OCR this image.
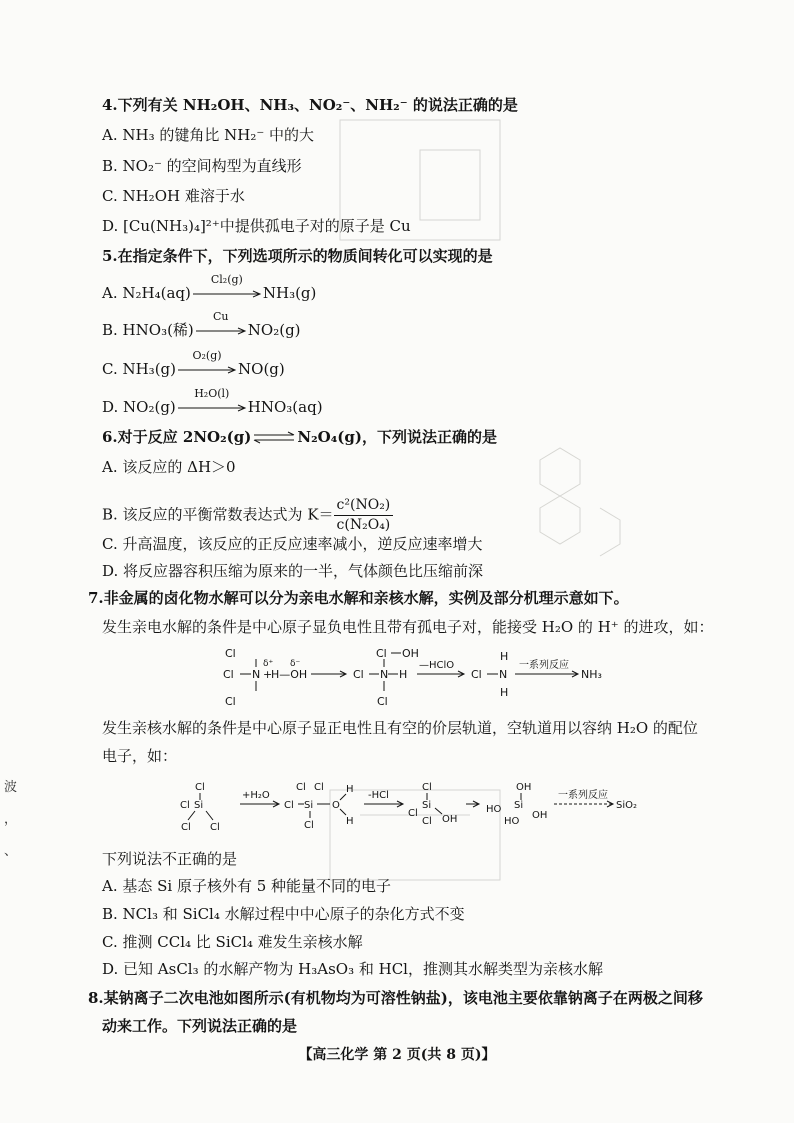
4.下列有关 NH₂OH、NH₃、NO₂⁻、NH₂⁻ 的说法正确的是
A. NH₃ 的键角比 NH₂⁻ 中的大
B. NO₂⁻ 的空间构型为直线形
C. NH₂OH 难溶于水
D. [Cu(NH₃)₄]²⁺中提供孤电子对的原子是 Cu
5.在指定条件下，下列选项所示的物质间转化可以实现的是
A. N₂H₄(aq)
Cl₂(g)
NH₃(g)
B. HNO₃(稀)
Cu
NO₂(g)
C. NH₃(g)
O₂(g)
NO(g)
D. NO₂(g)
H₂O(l)
HNO₃(aq)
6.对于反应 2NO₂(g)⇌N₂O₄(g)，下列说法正确的是
A. 该反应的 ΔH＞0
B. 该反应的平衡常数表达式为 $K= \frac{\text{c²(NO₂)}}{\text{c(N₂O₄)}}$
C. 升高温度，该反应的正反应速率减小，逆反应速率增大
D. 将反应器容积压缩为原来的一半，气体颜色比压缩前深
7.非金属的卤化物水解可以分为亲电水解和亲核水解，实例及部分机理示意如下。
发生亲电水解的条件是中心原子显负电性且带有孤电子对，能接受 H₂O 的 H⁺ 的进攻，如：
Cl
Cl
Cl
N
δ⁺ δ⁻
+
H—OH	Cl N H
Cl OH
Cl
—HClO
Cl N
H
H
一系列反应
NH₃
发生亲核水解的条件是中心原子显正电性且有空的价层轨道，空轨道用以容纳 H₂O 的配位
电子，如：
Cl
Si
Cl Cl
Cl
+H₂O
Cl Si
Cl Cl
Cl
O
H
H
-HCl
Cl
Si
Cl
Cl OH
OH
HO Si
HO
OH
一系列反应
SiO₂
下列说法不正确的是
A. 基态 Si 原子核外有 5 种能量不同的电子
B. NCl₃ 和 SiCl₄ 水解过程中中心原子的杂化方式不变
C. 推测 CCl₄ 比 SiCl₄ 难发生亲核水解
D. 已知 AsCl₃ 的水解产物为 H₃AsO₃ 和 HCl，推测其水解类型为亲核水解
8.某钠离子二次电池如图所示(有机物均为可溶性钠盐)，该电池主要依靠钠离子在两极之间移
动来工作。下列说法正确的是
【高三化学 第 2 页(共 8 页)】
波
，
、
